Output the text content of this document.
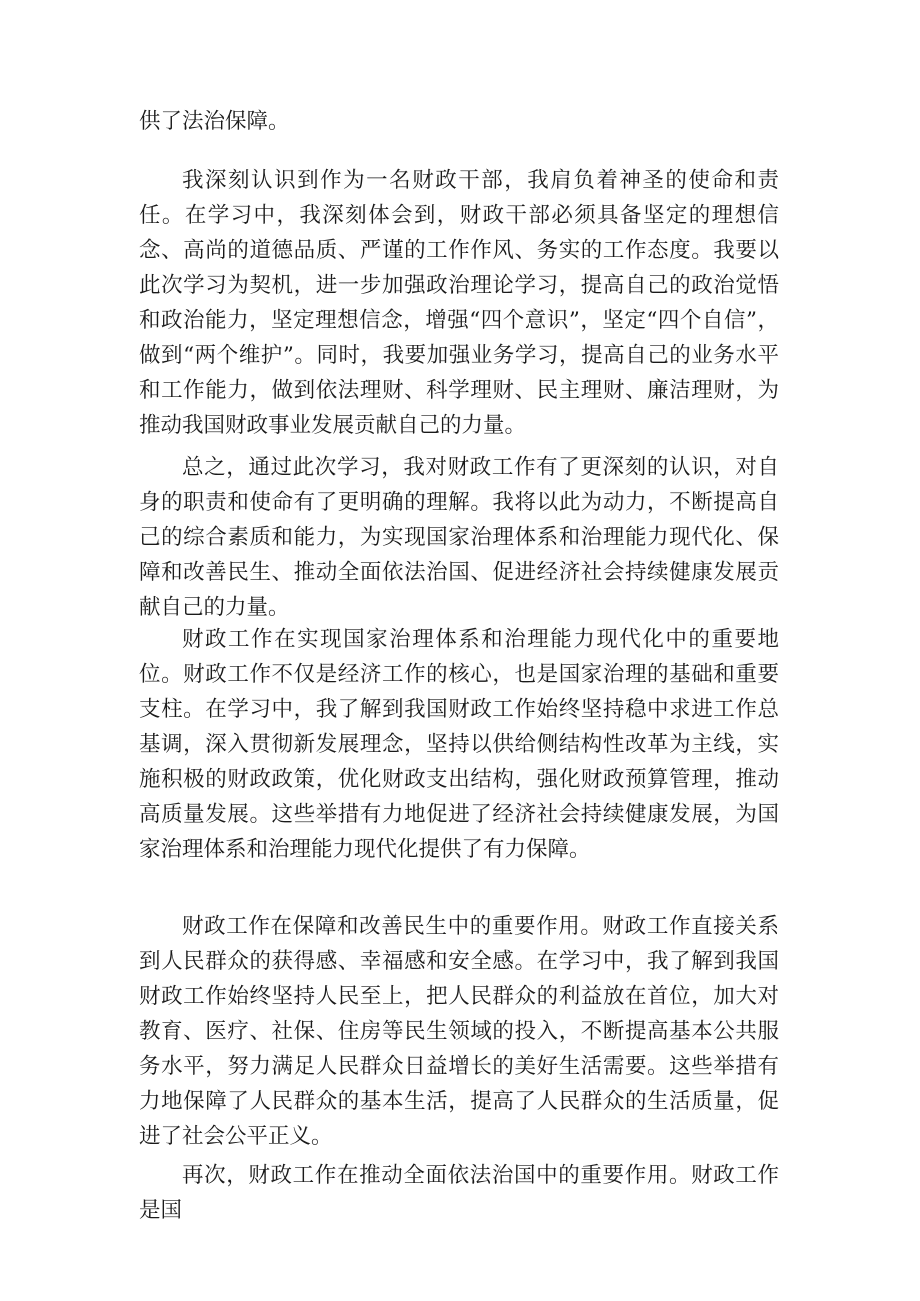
供了法治保障。

我深刻认识到作为一名财政干部，我肩负着神圣的使命和责任。在学习中，我深刻体会到，财政干部必须具备坚定的理想信念、高尚的道德品质、严谨的工作作风、务实的工作态度。我要以此次学习为契机，进一步加强政治理论学习，提高自己的政治觉悟和政治能力，坚定理想信念，增强“四个意识”，坚定“四个自信”，做到“两个维护”。同时，我要加强业务学习，提高自己的业务水平和工作能力，做到依法理财、科学理财、民主理财、廉洁理财，为推动我国财政事业发展贡献自己的力量。

总之，通过此次学习，我对财政工作有了更深刻的认识，对自身的职责和使命有了更明确的理解。我将以此为动力，不断提高自己的综合素质和能力，为实现国家治理体系和治理能力现代化、保障和改善民生、推动全面依法治国、促进经济社会持续健康发展贡献自己的力量。

财政工作在实现国家治理体系和治理能力现代化中的重要地位。财政工作不仅是经济工作的核心，也是国家治理的基础和重要支柱。在学习中，我了解到我国财政工作始终坚持稳中求进工作总基调，深入贯彻新发展理念，坚持以供给侧结构性改革为主线，实施积极的财政政策，优化财政支出结构，强化财政预算管理，推动高质量发展。这些举措有力地促进了经济社会持续健康发展，为国家治理体系和治理能力现代化提供了有力保障。

财政工作在保障和改善民生中的重要作用。财政工作直接关系到人民群众的获得感、幸福感和安全感。在学习中，我了解到我国财政工作始终坚持人民至上，把人民群众的利益放在首位，加大对教育、医疗、社保、住房等民生领域的投入，不断提高基本公共服务水平，努力满足人民群众日益增长的美好生活需要。这些举措有力地保障了人民群众的基本生活，提高了人民群众的生活质量，促进了社会公平正义。

再次，财政工作在推动全面依法治国中的重要作用。财政工作是国
